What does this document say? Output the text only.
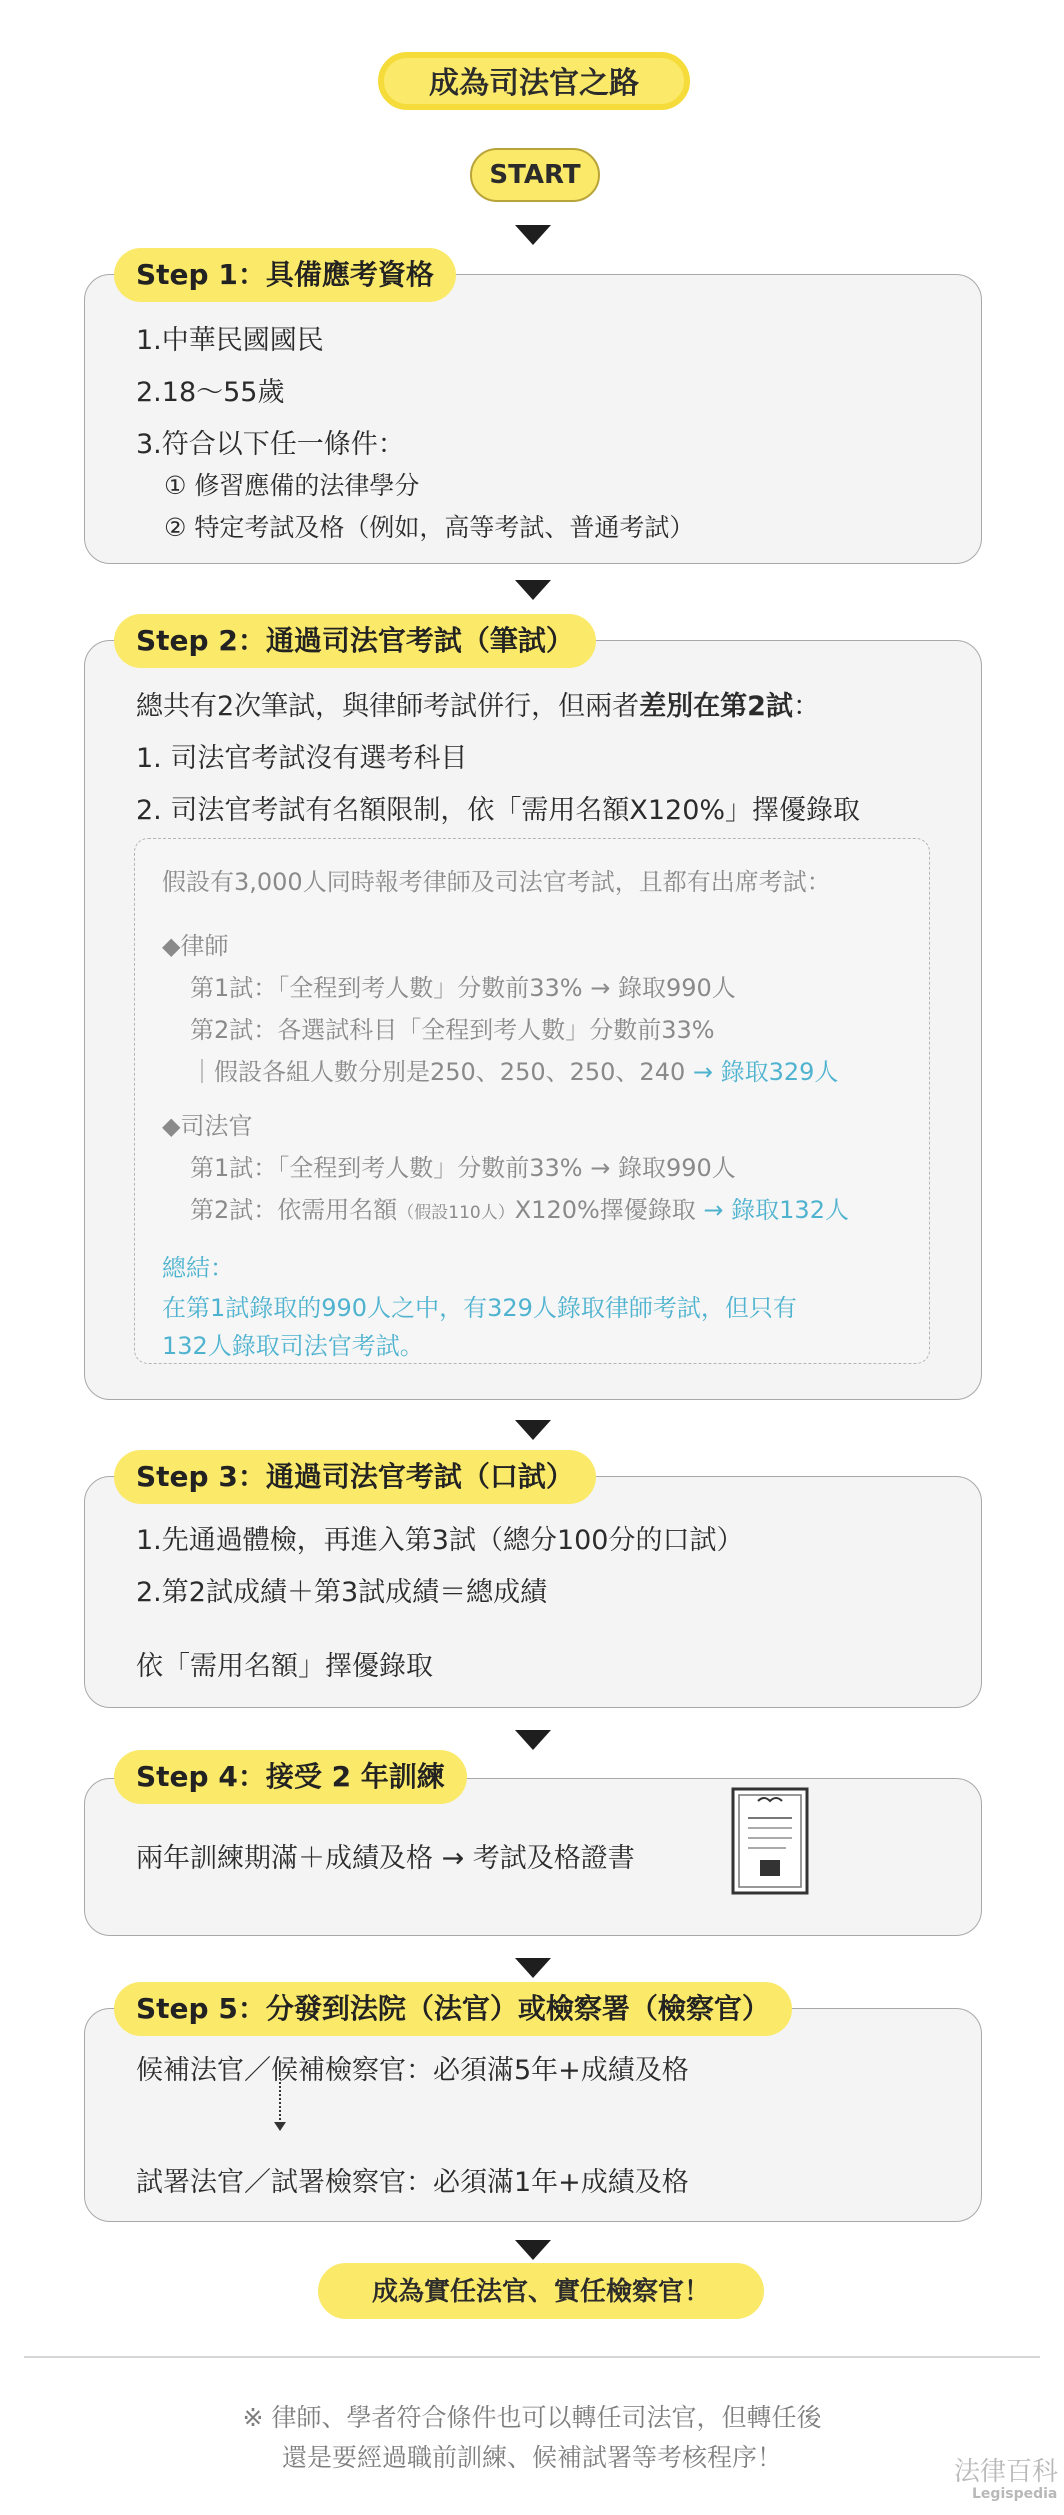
成為司法官之路
START
Step 1：具備應考資格
1.中華民國國民
2.18～55歲
3.符合以下任一條件：
① 修習應備的法律學分
② 特定考試及格（例如，高等考試、普通考試）
Step 2：通過司法官考試（筆試）
總共有2次筆試，與律師考試併行，但兩者差別在第2試：
1. 司法官考試沒有選考科目
2. 司法官考試有名額限制，依「需用名額X120%」擇優錄取
假設有3,000人同時報考律師及司法官考試，且都有出席考試：
◆律師
第1試：「全程到考人數」分數前33% → 錄取990人
第2試：各選試科目「全程到考人數」分數前33%
｜假設各組人數分別是250、250、250、240 → 錄取329人
◆司法官
第1試：「全程到考人數」分數前33% → 錄取990人
第2試：依需用名額（假設110人）X120%擇優錄取 → 錄取132人
總結：
在第1試錄取的990人之中，有329人錄取律師考試，但只有
132人錄取司法官考試。
Step 3：通過司法官考試（口試）
1.先通過體檢，再進入第3試（總分100分的口試）
2.第2試成績＋第3試成績＝總成績
依「需用名額」擇優錄取
Step 4：接受 2 年訓練
兩年訓練期滿＋成績及格 → 考試及格證書
Step 5：分發到法院（法官）或檢察署（檢察官）
候補法官／候補檢察官：必須滿5年+成績及格
試署法官／試署檢察官：必須滿1年+成績及格
成為實任法官、實任檢察官！
※ 律師、學者符合條件也可以轉任司法官，但轉任後
還是要經過職前訓練、候補試署等考核程序！	法律百科
Legispedia
